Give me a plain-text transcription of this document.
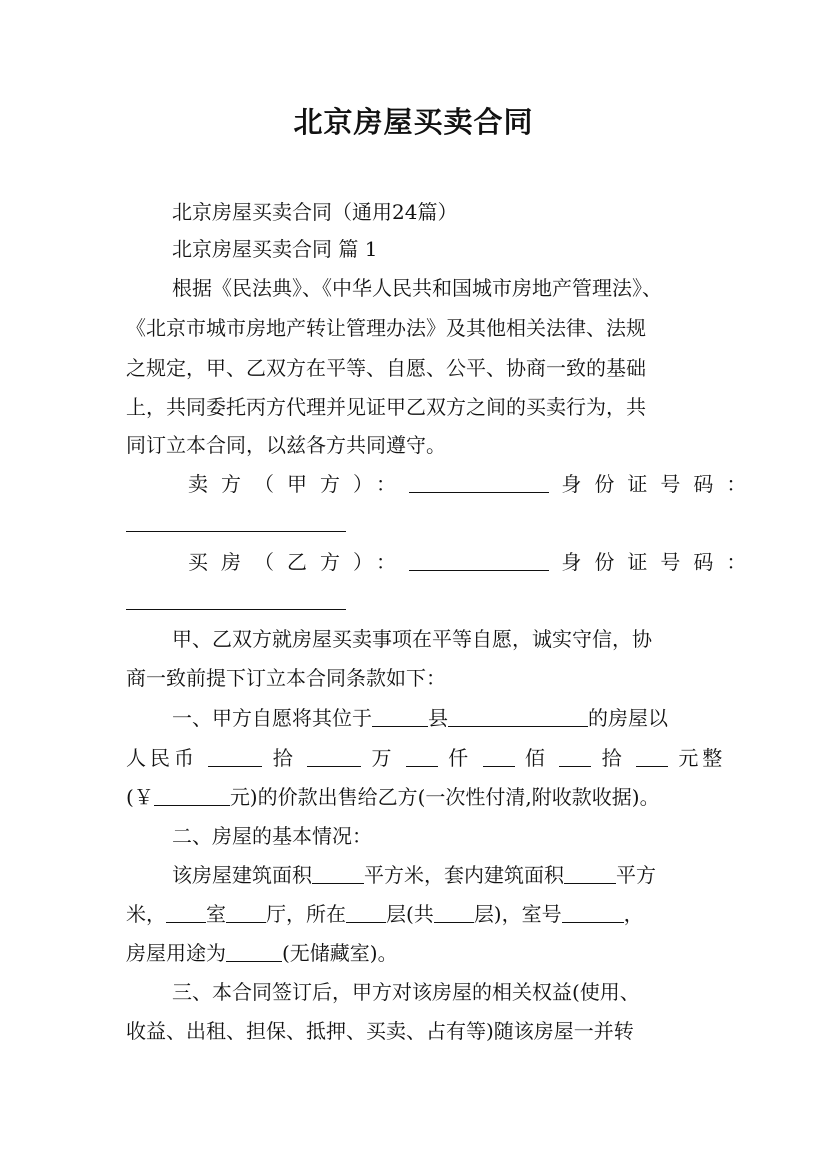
北京房屋买卖合同

北京房屋买卖合同（通用24篇）

北京房屋买卖合同 篇 1

根据《民法典》、《中华人民共和国城市房地产管理法》、

《北京市城市房地产转让管理办法》及其他相关法律、法规

之规定，甲、乙双方在平等、自愿、公平、协商一致的基础

上，共同委托丙方代理并见证甲乙双方之间的买卖行为，共

同订立本合同，以兹各方共同遵守。

卖方（甲方）：	身份证号码：

买房（乙方）：	身份证号码：

甲、乙双方就房屋买卖事项在平等自愿，诚实守信，协

商一致前提下订立本合同条款如下：

一、甲方自愿将其位于	县	的房屋以

人民币	拾	万	仟	佰	拾	元整

(￥	元)的价款出售给乙方(一次性付清,附收款收据)。

二、房屋的基本情况：

该房屋建筑面积	平方米，套内建筑面积	平方

米， 室 厅，所在 层(共 层)，室号	，

房屋用途为	(无储藏室)。

三、本合同签订后，甲方对该房屋的相关权益(使用、

收益、出租、担保、抵押、买卖、占有等)随该房屋一并转
